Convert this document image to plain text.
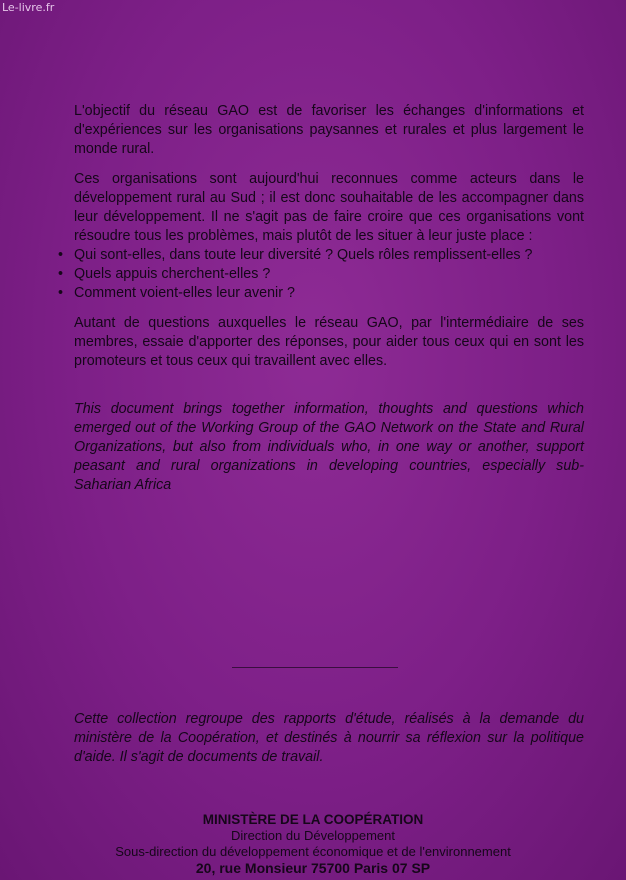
Le-livre.fr

L'objectif du réseau GAO est de favoriser les échanges d'informations et d'expériences sur les organisations paysannes et rurales et plus largement le monde rural.

Ces organisations sont aujourd'hui reconnues comme acteurs dans le développement rural au Sud ; il est donc souhaitable de les accompagner dans leur développement. Il ne s'agit pas de faire croire que ces organisations vont résoudre tous les problèmes, mais plutôt de les situer à leur juste place :

• Qui sont-elles, dans toute leur diversité ? Quels rôles remplissent-elles ?
• Quels appuis cherchent-elles ?
• Comment voient-elles leur avenir ?

Autant de questions auxquelles le réseau GAO, par l'intermédiaire de ses membres, essaie d'apporter des réponses, pour aider tous ceux qui en sont les promoteurs et tous ceux qui travaillent avec elles.

This document brings together information, thoughts and questions which emerged out of the Working Group of the GAO Network on the State and Rural Organizations, but also from individuals who, in one way or another, support peasant and rural organizations in developing countries, especially sub-Saharian Africa
Cette collection regroupe des rapports d'étude, réalisés à la demande du ministère de la Coopération, et destinés à nourrir sa réflexion sur la politique d'aide. Il s'agit de documents de travail.
MINISTÈRE DE LA COOPÉRATION
Direction du Développement
Sous-direction du développement économique et de l'environnement
20, rue Monsieur 75700 Paris 07 SP
